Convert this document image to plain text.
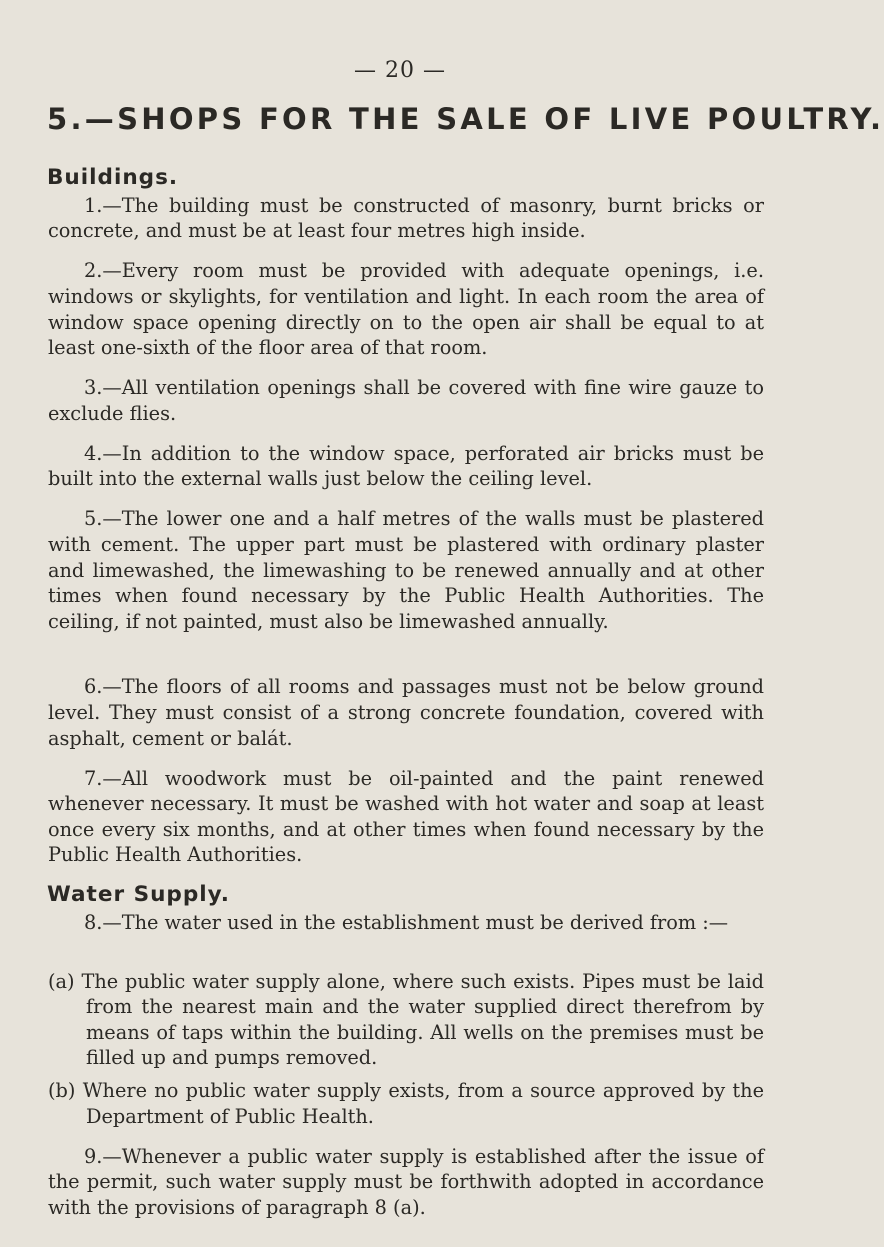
— 20 —
5.—SHOPS FOR THE SALE OF LIVE POULTRY.
Buildings.
1.—The building must be constructed of masonry, burnt bricks or concrete, and must be at least four metres high inside.
2.—Every room must be provided with adequate openings, i.e. windows or skylights, for ventilation and light. In each room the area of window space opening directly on to the open air shall be equal to at least one-sixth of the floor area of that room.
3.—All ventilation openings shall be covered with fine wire gauze to exclude flies.
4.—In addition to the window space, perforated air bricks must be built into the external walls just below the ceiling level.
5.—The lower one and a half metres of the walls must be plastered with cement. The upper part must be plastered with ordinary plaster and limewashed, the limewashing to be renewed annually and at other times when found necessary by the Public Health Authorities. The ceiling, if not painted, must also be limewashed annually.
6.—The floors of all rooms and passages must not be below ground level. They must consist of a strong concrete foundation, covered with asphalt, cement or balát.
7.—All woodwork must be oil-painted and the paint renewed whenever necessary. It must be washed with hot water and soap at least once every six months, and at other times when found necessary by the Public Health Authorities.
Water Supply.
8.—The water used in the establishment must be derived from :—
(a) The public water supply alone, where such exists. Pipes must be laid from the nearest main and the water supplied direct therefrom by means of taps within the building. All wells on the premises must be filled up and pumps removed.
(b) Where no public water supply exists, from a source approved by the Department of Public Health.
9.—Whenever a public water supply is established after the issue of the permit, such water supply must be forthwith adopted in accordance with the provisions of paragraph 8 (a).
